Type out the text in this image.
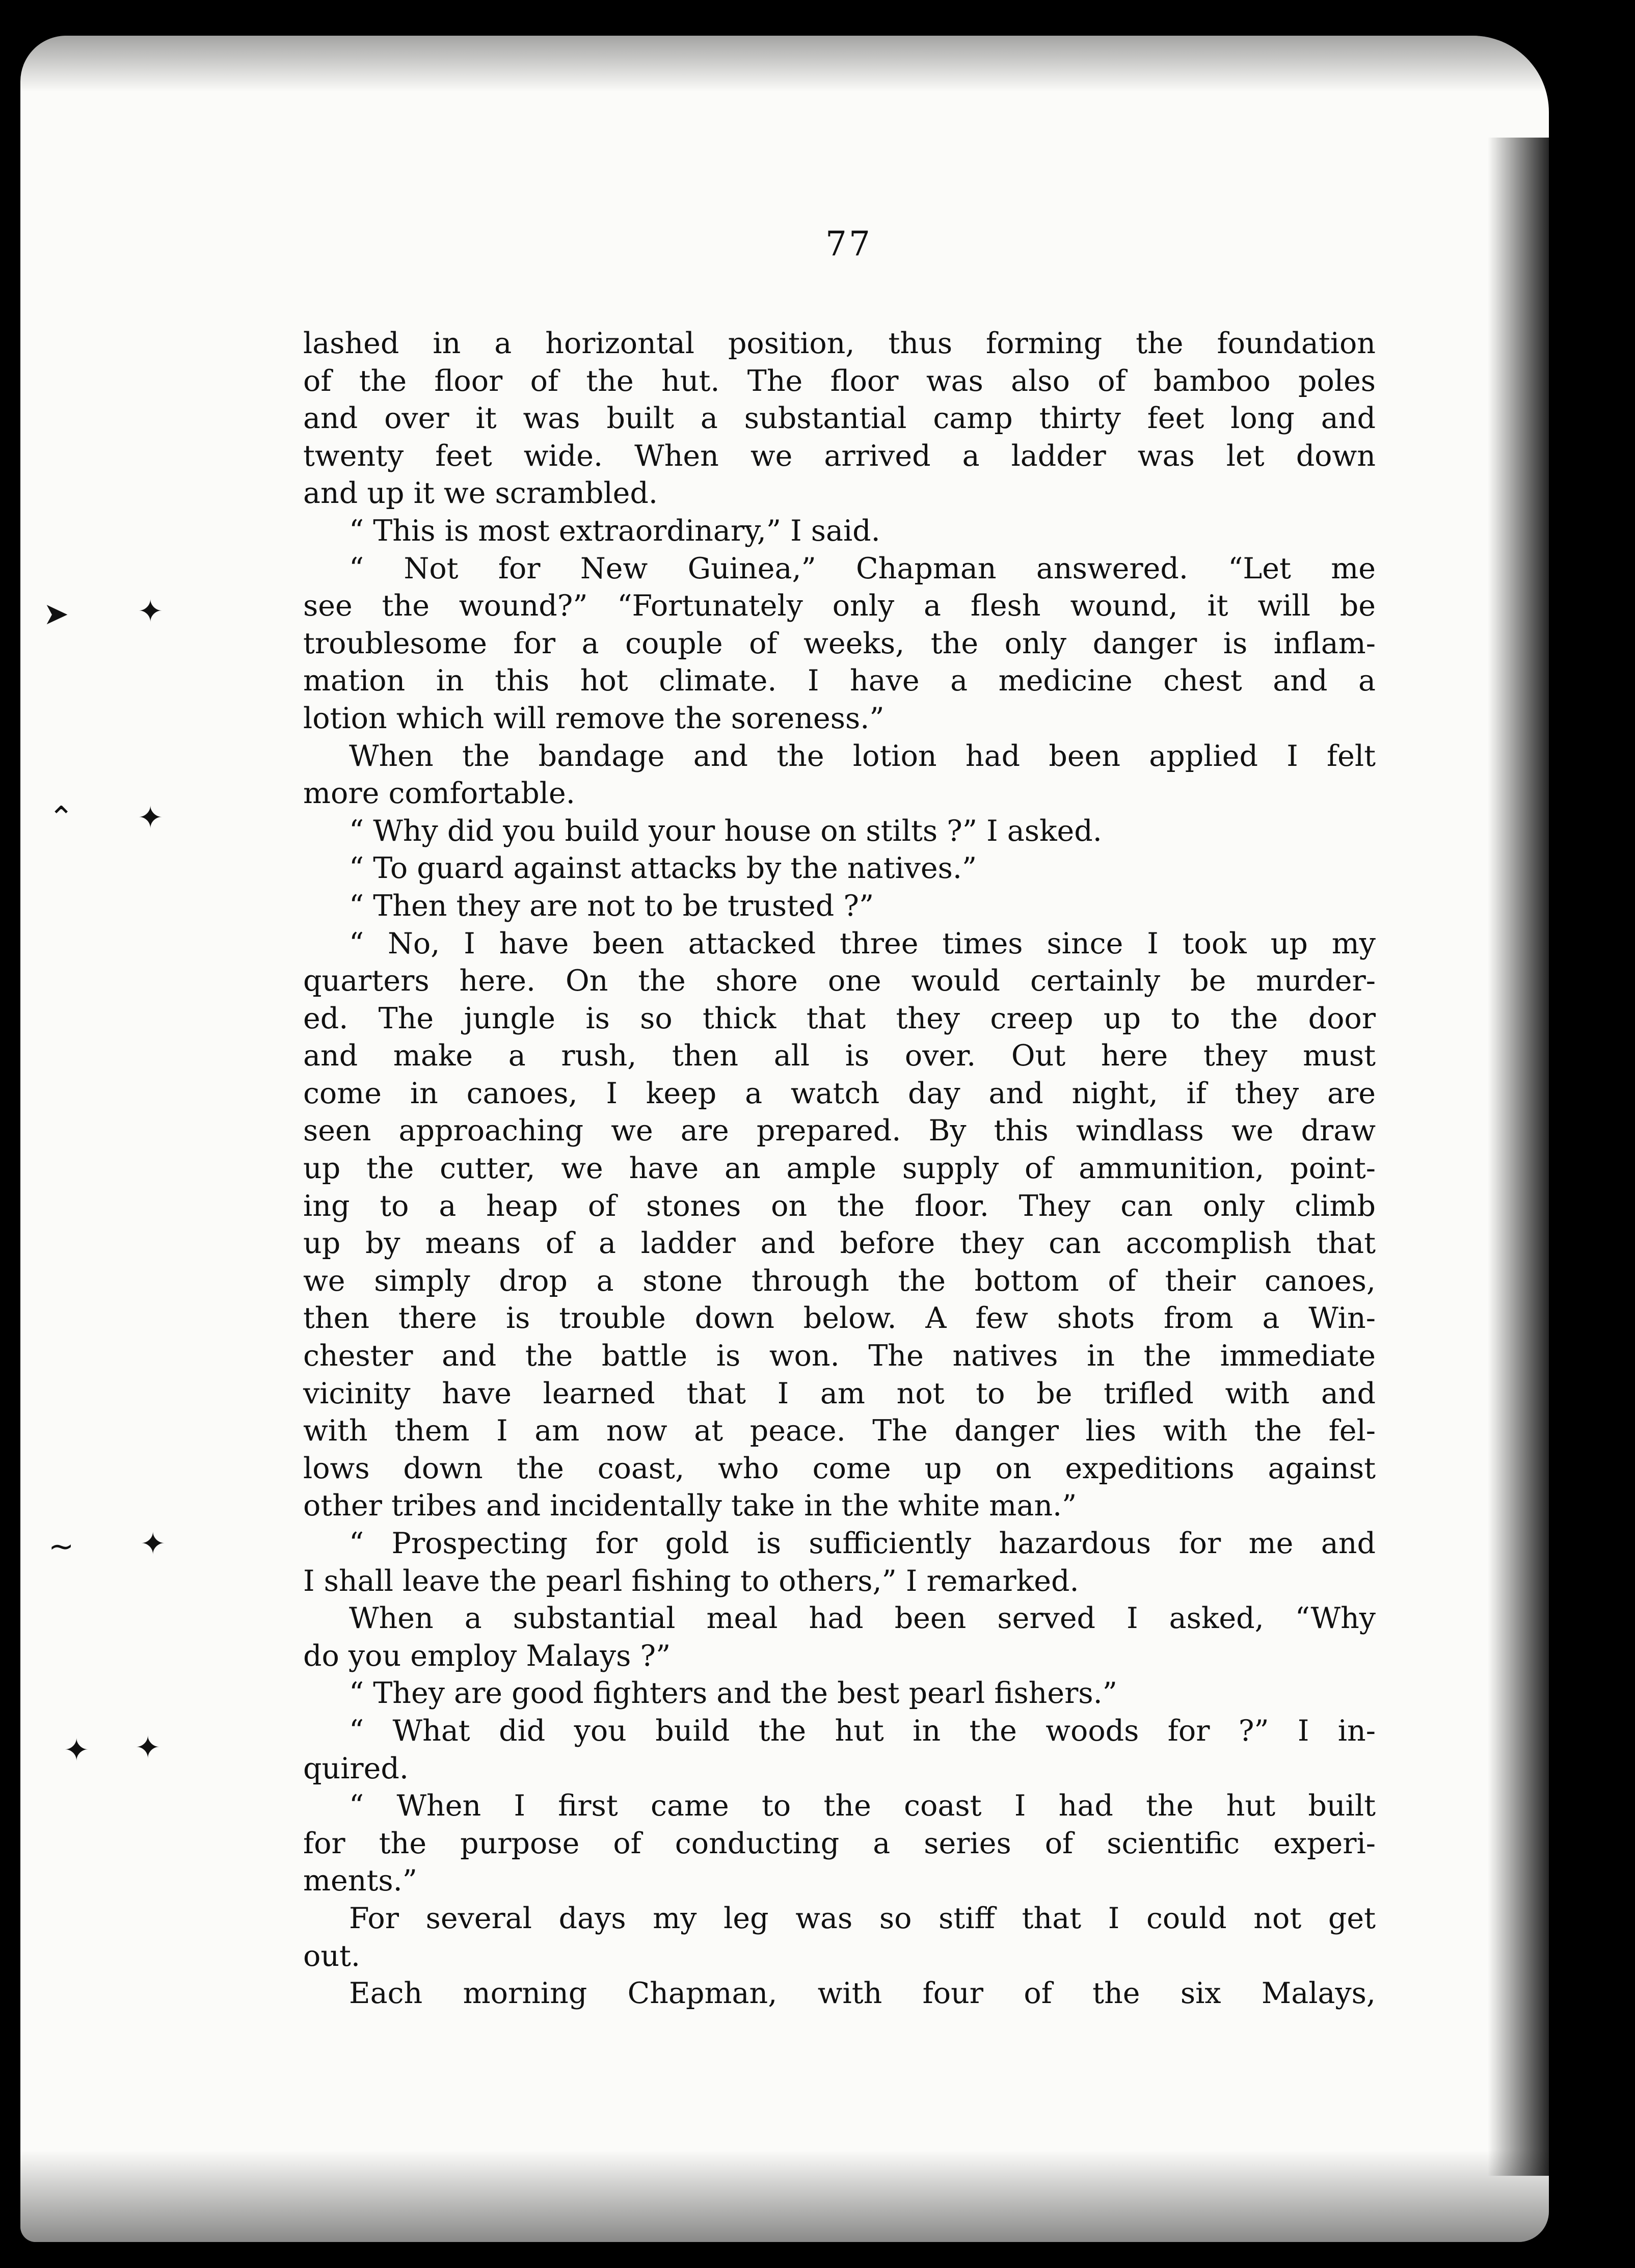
77
lashed in a horizontal position, thus forming the foundation
of the floor of the hut. The floor was also of bamboo poles
and over it was built a substantial camp thirty feet long and
twenty feet wide. When we arrived a ladder was let down
and up it we scrambled.
“ This is most extraordinary,” I said.
“ Not for New Guinea,” Chapman answered. “Let me
see the wound?” “Fortunately only a flesh wound, it will be
troublesome for a couple of weeks, the only danger is inflam-
mation in this hot climate. I have a medicine chest and a
lotion which will remove the soreness.”
When the bandage and the lotion had been applied I felt
more comfortable.
“ Why did you build your house on stilts ?” I asked.
“ To guard against attacks by the natives.”
“ Then they are not to be trusted ?”
“ No, I have been attacked three times since I took up my
quarters here. On the shore one would certainly be murder-
ed. The jungle is so thick that they creep up to the door
and make a rush, then all is over. Out here they must
come in canoes, I keep a watch day and night, if they are
seen approaching we are prepared. By this windlass we draw
up the cutter, we have an ample supply of ammunition, point-
ing to a heap of stones on the floor. They can only climb
up by means of a ladder and before they can accomplish that
we simply drop a stone through the bottom of their canoes,
then there is trouble down below. A few shots from a Win-
chester and the battle is won. The natives in the immediate
vicinity have learned that I am not to be trifled with and
with them I am now at peace. The danger lies with the fel-
lows down the coast, who come up on expeditions against
other tribes and incidentally take in the white man.”
“ Prospecting for gold is sufficiently hazardous for me and
I shall leave the pearl fishing to others,” I remarked.
When a substantial meal had been served I asked, “Why
do you employ Malays ?”
“ They are good fighters and the best pearl fishers.”
“ What did you build the hut in the woods for ?” I in-
quired.
“ When I first came to the coast I had the hut built
for the purpose of conducting a series of scientific experi-
ments.”
For several days my leg was so stiff that I could not get
out.
Each morning Chapman, with four of the six Malays,
➤ ✦
⌃ ✦
∼ ✦
✦ ✦
